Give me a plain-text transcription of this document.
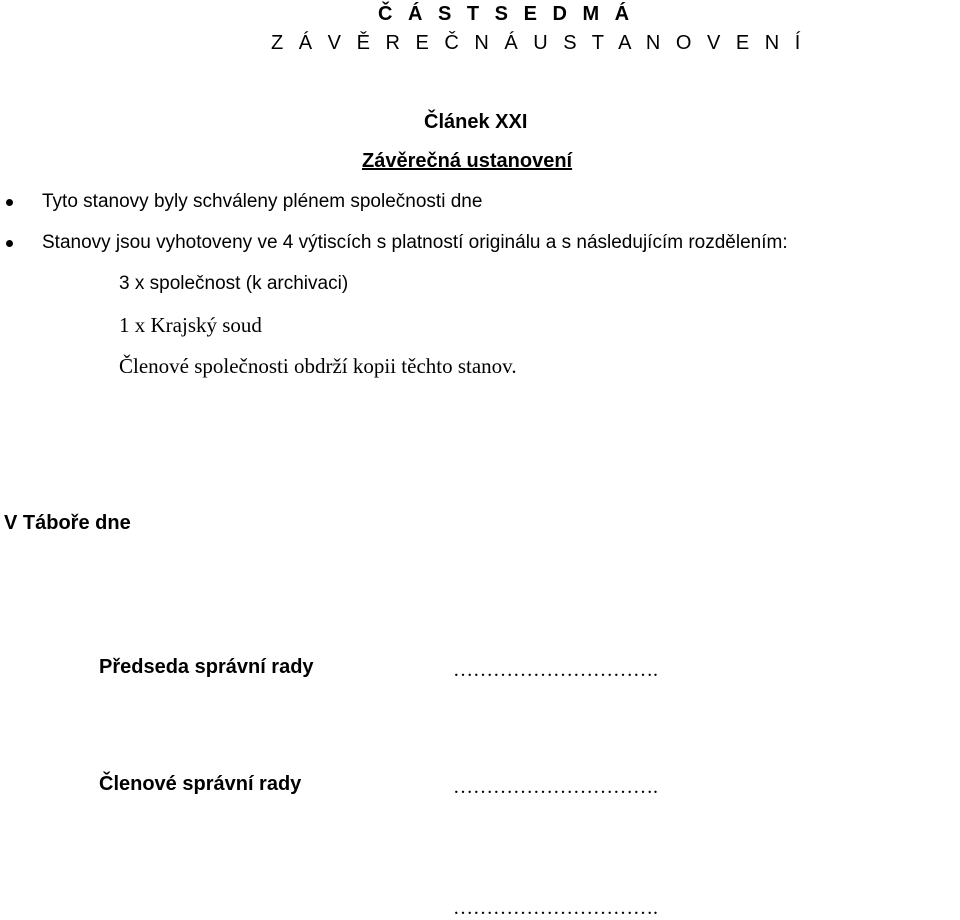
Č Á S T S E D M Á
Z Á V Ě R E Č N Á U S T A N O V E N Í
Článek XXI
Závěrečná ustanovení
Tyto stanovy byly schváleny plénem společnosti dne
Stanovy jsou vyhotoveny ve 4 výtiscích s platností originálu a s následujícím rozdělením:
3 x společnost (k archivaci)
1 x Krajský soud
Členové společnosti obdrží kopii těchto stanov.
V Táboře dne
Předseda správní rady	………………………….
Členové správní rady	………………………….
………………………….
